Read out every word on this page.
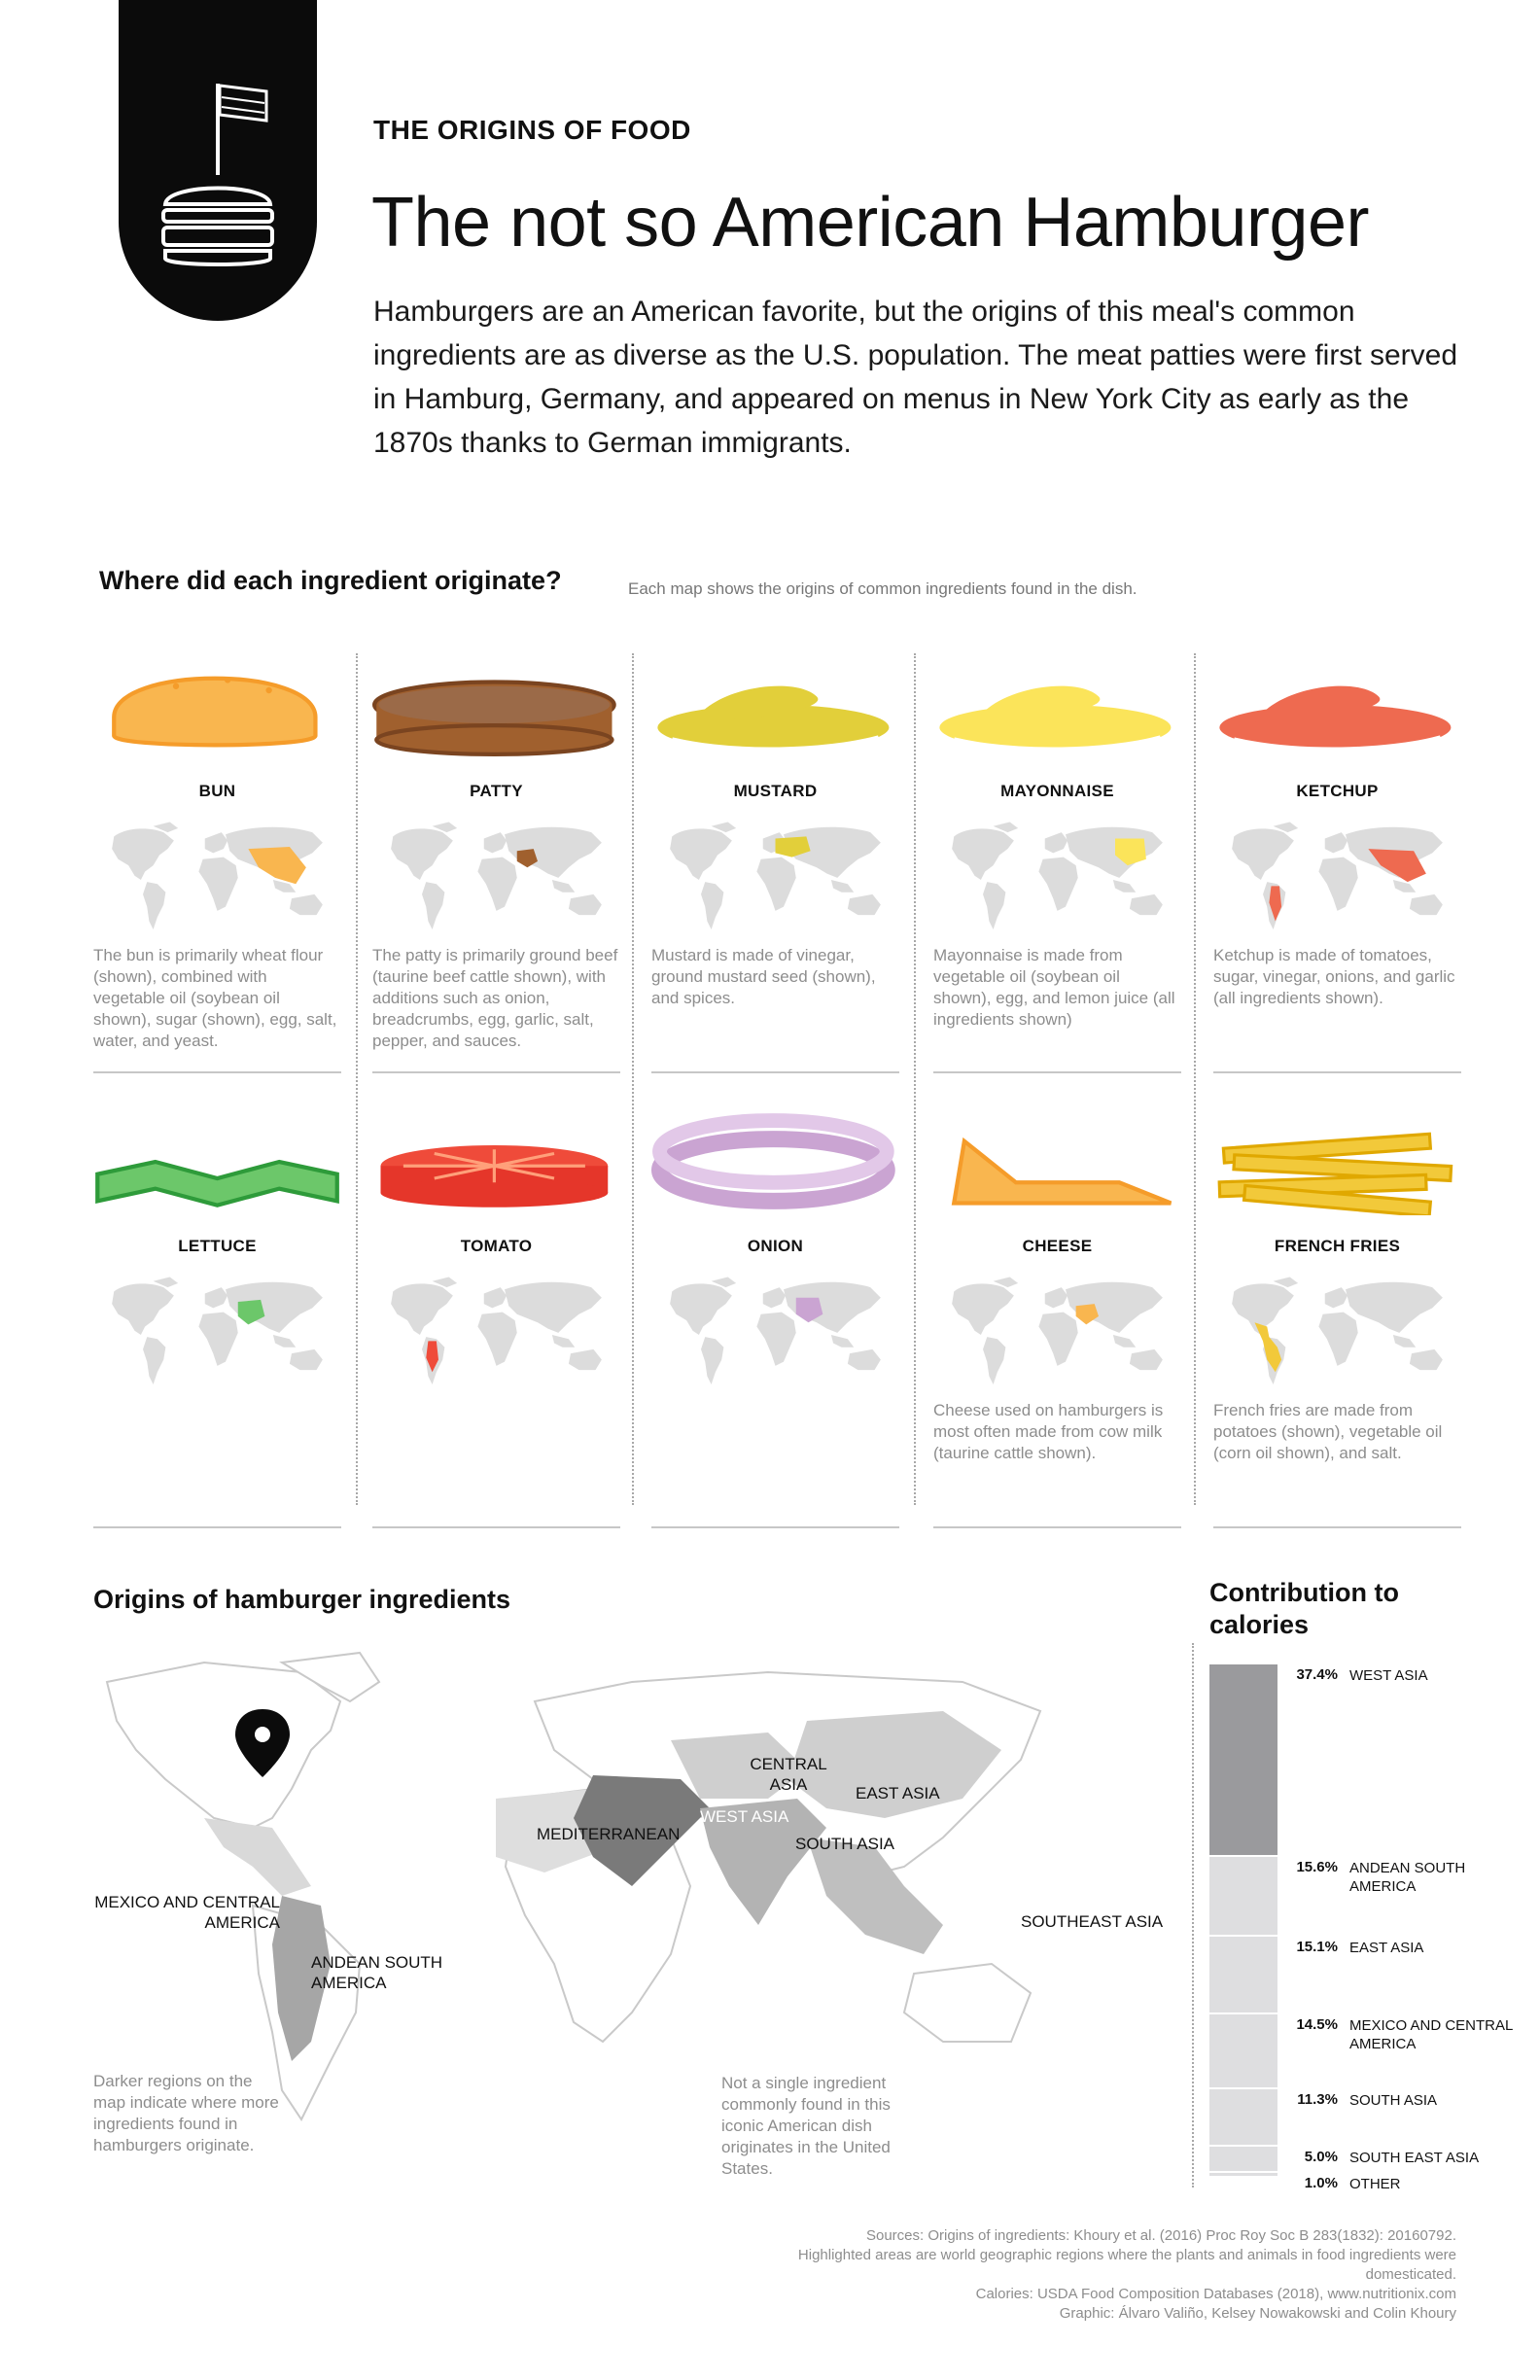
THE ORIGINS OF FOOD
The not so American Hamburger
Hamburgers are an American favorite, but the origins of this meal's common ingredients are as diverse as the U.S. population. The meat patties were first served in Hamburg, Germany, and appeared on menus in New York City as early as the 1870s thanks to German immigrants.
Where did each ingredient originate?	Each map shows the origins of common ingredients found in the dish.
BUN
The bun is primarily wheat flour (shown), combined with vegetable oil (soybean oil shown), sugar (shown), egg, salt, water, and yeast.
PATTY
The patty is primarily ground beef (taurine beef cattle shown), with additions such as onion, breadcrumbs, egg, garlic, salt, pepper, and sauces.
MUSTARD
Mustard is made of vinegar, ground mustard seed (shown), and spices.
MAYONNAISE
Mayonnaise is made from vegetable oil (soybean oil shown), egg, and lemon juice (all ingredients shown)
KETCHUP
Ketchup is made of tomatoes, sugar, vinegar, onions, and garlic (all ingredients shown).
LETTUCE	TOMATO	ONION	CHEESE
Cheese used on hamburgers is most often made from cow milk (taurine cattle shown).
FRENCH FRIES
French fries are made from potatoes (shown), vegetable oil (corn oil shown), and salt.
Origins of hamburger ingredients
MEXICO AND CENTRAL AMERICA
ANDEAN SOUTH AMERICA
MEDITERRANEAN
WEST ASIA
CENTRAL ASIA	EAST ASIA
SOUTH ASIA
SOUTHEAST ASIA
Darker regions on the map indicate where more ingredients found in hamburgers originate.
Not a single ingredient commonly found in this iconic American dish originates in the United States.
Contribution to calories
37.4% WEST ASIA
15.6% ANDEAN SOUTH AMERICA
15.1% EAST ASIA
14.5% MEXICO AND CENTRAL AMERICA
11.3% SOUTH ASIA
5.0% SOUTH EAST ASIA
1.0% OTHER
Sources: Origins of ingredients: Khoury et al. (2016) Proc Roy Soc B 283(1832): 20160792.
Highlighted areas are world geographic regions where the plants and animals in food ingredients were domesticated.
Calories: USDA Food Composition Databases (2018), www.nutritionix.com
Graphic: Álvaro Valiño, Kelsey Nowakowski and Colin Khoury
